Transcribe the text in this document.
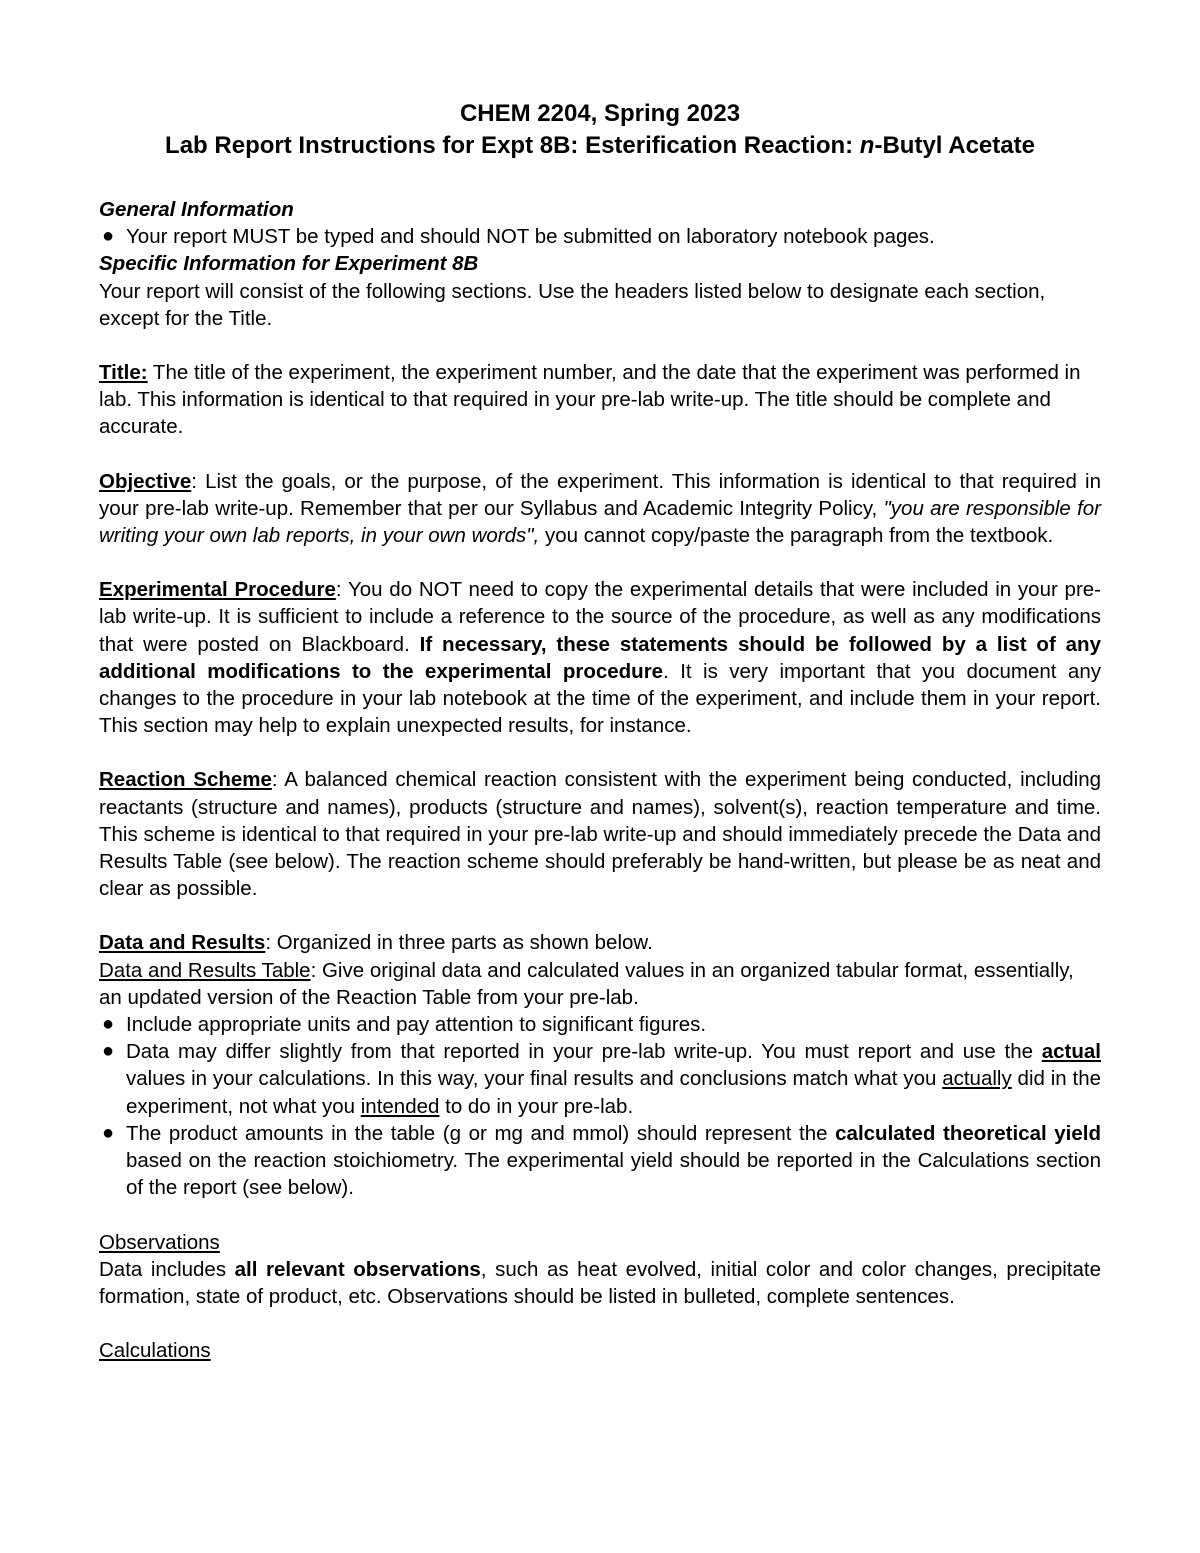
CHEM 2204, Spring 2023
Lab Report Instructions for Expt 8B: Esterification Reaction: n-Butyl Acetate

General Information

● Your report MUST be typed and should NOT be submitted on laboratory notebook pages.

Specific Information for Experiment 8B

Your report will consist of the following sections. Use the headers listed below to designate each section, except for the Title.

Title: The title of the experiment, the experiment number, and the date that the experiment was performed in lab. This information is identical to that required in your pre-lab write-up. The title should be complete and accurate.

Objective: List the goals, or the purpose, of the experiment. This information is identical to that required in your pre-lab write-up. Remember that per our Syllabus and Academic Integrity Policy, "you are responsible for writing your own lab reports, in your own words", you cannot copy/paste the paragraph from the textbook.

Experimental Procedure: You do NOT need to copy the experimental details that were included in your pre-lab write-up. It is sufficient to include a reference to the source of the procedure, as well as any modifications that were posted on Blackboard. If necessary, these statements should be followed by a list of any additional modifications to the experimental procedure. It is very important that you document any changes to the procedure in your lab notebook at the time of the experiment, and include them in your report. This section may help to explain unexpected results, for instance.

Reaction Scheme: A balanced chemical reaction consistent with the experiment being conducted, including reactants (structure and names), products (structure and names), solvent(s), reaction temperature and time. This scheme is identical to that required in your pre-lab write-up and should immediately precede the Data and Results Table (see below). The reaction scheme should preferably be hand-written, but please be as neat and clear as possible.

Data and Results: Organized in three parts as shown below.

Data and Results Table: Give original data and calculated values in an organized tabular format, essentially, an updated version of the Reaction Table from your pre-lab.

● Include appropriate units and pay attention to significant figures.
● Data may differ slightly from that reported in your pre-lab write-up. You must report and use the actual values in your calculations. In this way, your final results and conclusions match what you actually did in the experiment, not what you intended to do in your pre-lab.
● The product amounts in the table (g or mg and mmol) should represent the calculated theoretical yield based on the reaction stoichiometry. The experimental yield should be reported in the Calculations section of the report (see below).

Observations

Data includes all relevant observations, such as heat evolved, initial color and color changes, precipitate formation, state of product, etc. Observations should be listed in bulleted, complete sentences.

Calculations
